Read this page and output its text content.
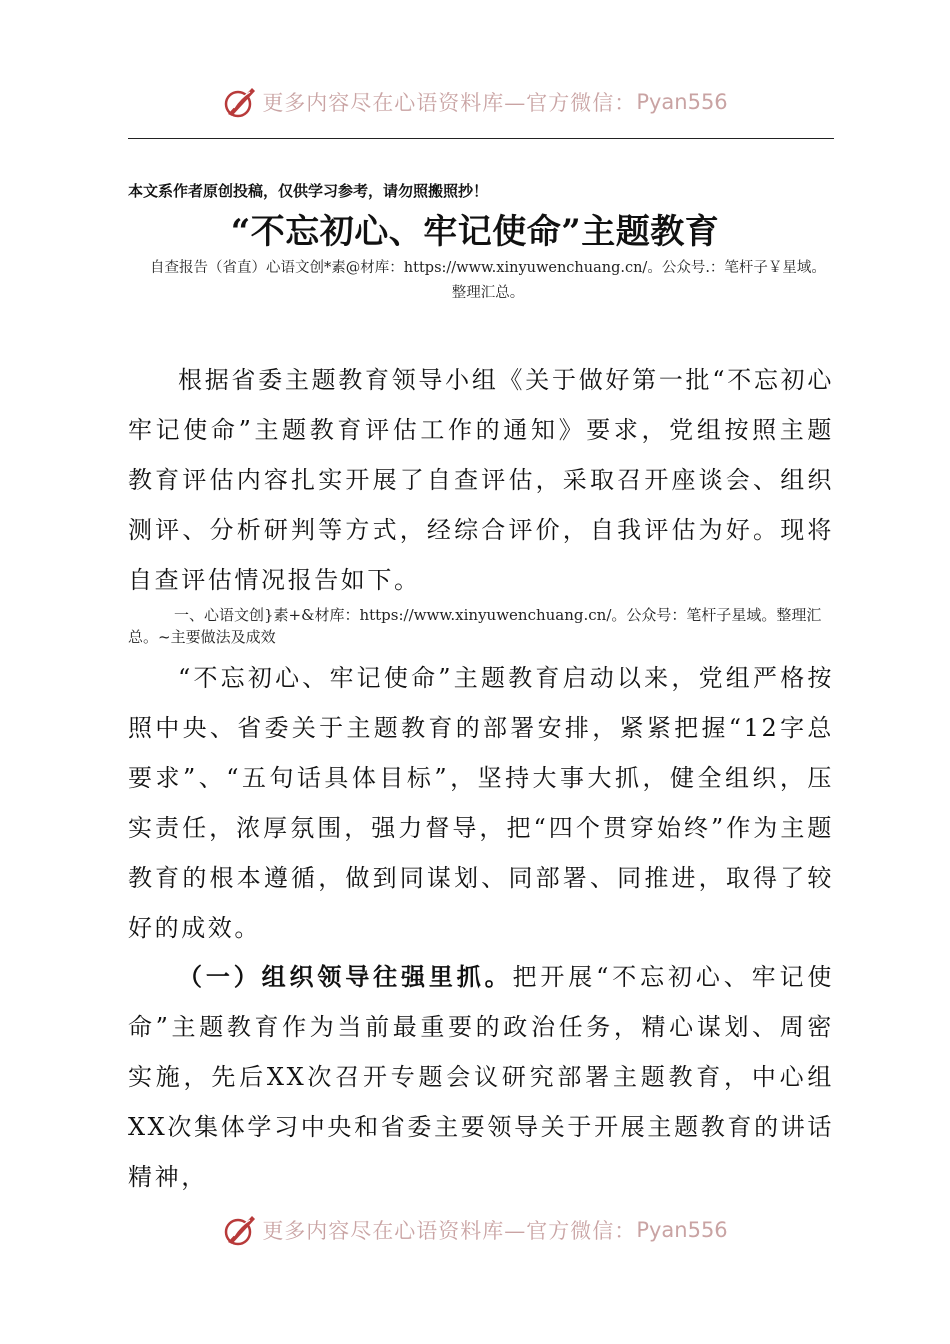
更多内容尽在心语资料库—官方微信： Pyan556
本文系作者原创投稿，仅供学习参考，请勿照搬照抄！
“不忘初心、牢记使命”主题教育
自查报告（省直）心语文创*素@材库：https://www.xinyuwenchuang.cn/。公众号.：笔杆子￥星域。
整理汇总。
根据省委主题教育领导小组《关于做好第一批“不忘初心牢记使命”主题教育评估工作的通知》要求，党组按照主题教育评估内容扎实开展了自查评估，采取召开座谈会、组织测评、分析研判等方式，经综合评价，自我评估为好。现将自查评估情况报告如下。
一、心语文创}素+&材库：https://www.xinyuwenchuang.cn/。公众号：笔杆子星域。整理汇总。~主要做法及成效
“不忘初心、牢记使命”主题教育启动以来，党组严格按照中央、省委关于主题教育的部署安排，紧紧把握“12字总要求”、“五句话具体目标”，坚持大事大抓，健全组织，压实责任，浓厚氛围，强力督导，把“四个贯穿始终”作为主题教育的根本遵循，做到同谋划、同部署、同推进，取得了较好的成效。
（一）组织领导往强里抓。把开展“不忘初心、牢记使命”主题教育作为当前最重要的政治任务，精心谋划、周密实施，先后XX次召开专题会议研究部署主题教育，中心组XX次集体学习中央和省委主要领导关于开展主题教育的讲话精神，
更多内容尽在心语资料库—官方微信： Pyan556
